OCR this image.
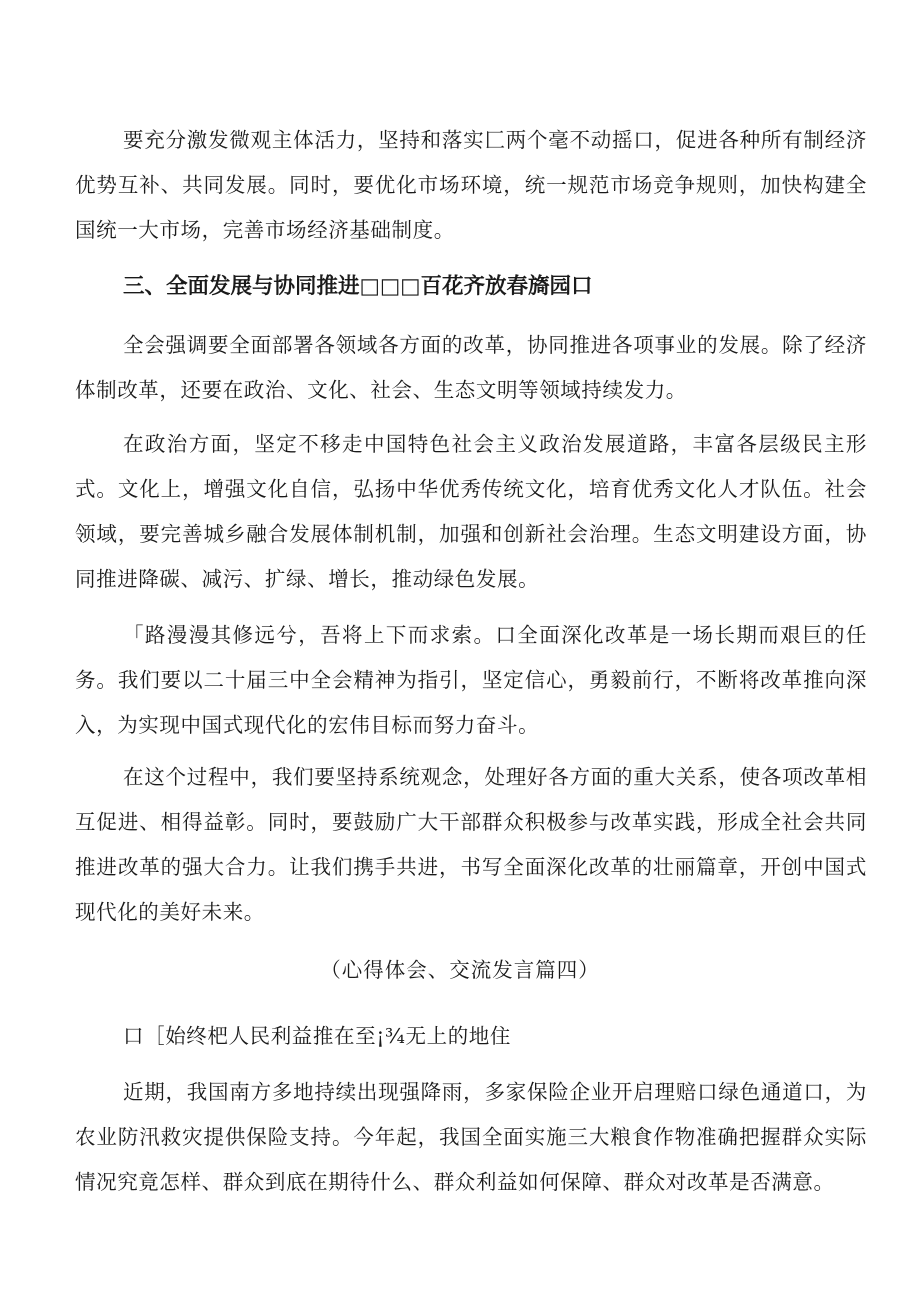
要充分激发微观主体活力，坚持和落实匚两个毫不动摇口，促进各种所有制经济优势互补、共同发展。同时，要优化市场环境，统一规范市场竞争规则，加快构建全国统一大市场，完善市场经济基础制度。

三、全面发展与协同推进□□□百花齐放春旖园口

全会强调要全面部署各领域各方面的改革，协同推进各项事业的发展。除了经济体制改革，还要在政治、文化、社会、生态文明等领域持续发力。

在政治方面，坚定不移走中国特色社会主义政治发展道路，丰富各层级民主形式。文化上，增强文化自信，弘扬中华优秀传统文化，培育优秀文化人才队伍。社会领域，要完善城乡融合发展体制机制，加强和创新社会治理。生态文明建设方面，协同推进降碳、减污、扩绿、增长，推动绿色发展。

「路漫漫其修远兮，吾将上下而求索。口全面深化改革是一场长期而艰巨的任务。我们要以二十届三中全会精神为指引，坚定信心，勇毅前行，不断将改革推向深入，为实现中国式现代化的宏伟目标而努力奋斗。

在这个过程中，我们要坚持系统观念，处理好各方面的重大关系，使各项改革相互促进、相得益彰。同时，要鼓励广大干部群众积极参与改革实践，形成全社会共同推进改革的强大合力。让我们携手共进，书写全面深化改革的壮丽篇章，开创中国式现代化的美好未来。

（心得体会、交流发言篇四）

口［始终杷人民利益推在至¡¾无上的地住

近期，我国南方多地持续出现强降雨，多家保险企业开启理赔口绿色通道口，为农业防汛救灾提供保险支持。今年起，我国全面实施三大粮食作物准确把握群众实际情况究竟怎样、群众到底在期待什么、群众利益如何保障、群众对改革是否满意。
